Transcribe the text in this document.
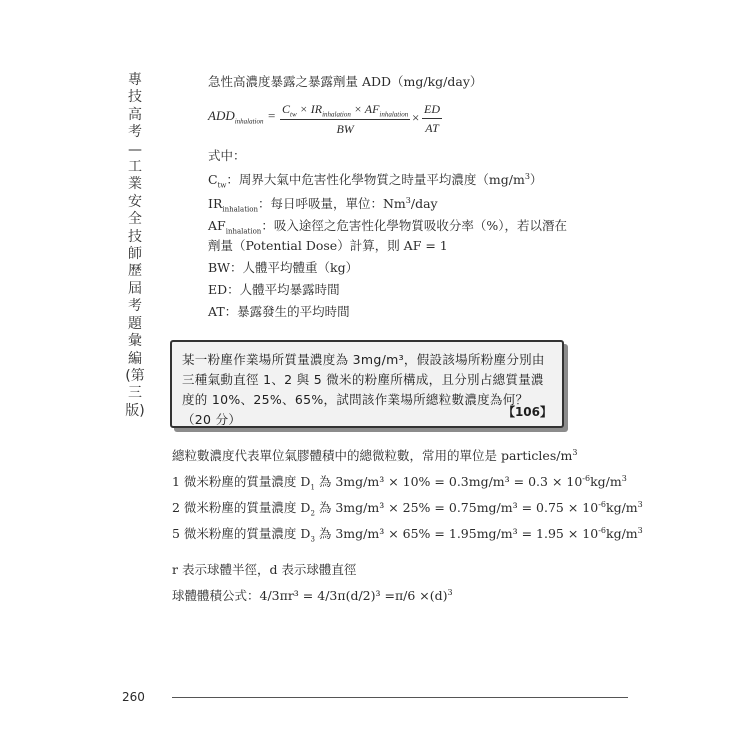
專技高考—工業安全技師歷屆考題彙編(第三版)
急性高濃度暴露之暴露劑量 ADD（mg/kg/day）
$ADD_{inhalation} = C_{tw} \times IR_{inhalation} \times AF_{inhalation}$
BW
× $\frac{ED}{AT}$
式中：
$C_{tw}$：周界大氣中危害性化學物質之時量平均濃度$(mg/m^3)$
$IR_{inhalation}$：每日呼吸量，單位：Nm$^3$/day
$AF_{inhalation}$：吸入途徑之危害性化學物質吸收分率（%），若以潛在
劑量（Potential Dose）計算，則 AF = 1
BW：人體平均體重（kg）
ED：人體平均暴露時間
AT：暴露發生的平均時間
某一粉塵作業場所質量濃度為 3mg/m³，假設該場所粉塵分別由三種氣動直徑 1、2 與 5 微米的粉塵所構成，且分別占總質量濃度的 10%、25%、65%，試問該作業場所總粒數濃度為何？（20 分）	【106】
總粒數濃度代表單位氣膠體積中的總微粒數，常用的單位是 particles/$m^3$
1 微米粉塵的質量濃度 $D_1$ 為 $3mg/m^3 \times 10\% = 0.3mg/m^3 = 0.3 \times 10^{-6}kg/m^3$
2 微米粉塵的質量濃度 $D_2$ 為 $3mg/m^3 \times 25\% = 0.75mg/m^3 = 0.75 \times 10^{-6}kg/m^3$
5 微米粉塵的質量濃度 $D_3$ 為 $3mg/m^3 \times 65\% = 1.95mg/m^3 = 1.95 \times 10^{-6}kg/m^3$
r 表示球體半徑，d 表示球體直徑
球體體積公式：$4/3\pi r^3 = 4/3\pi(d/2)^3 =\pi/6 \times(d)^3$
260
